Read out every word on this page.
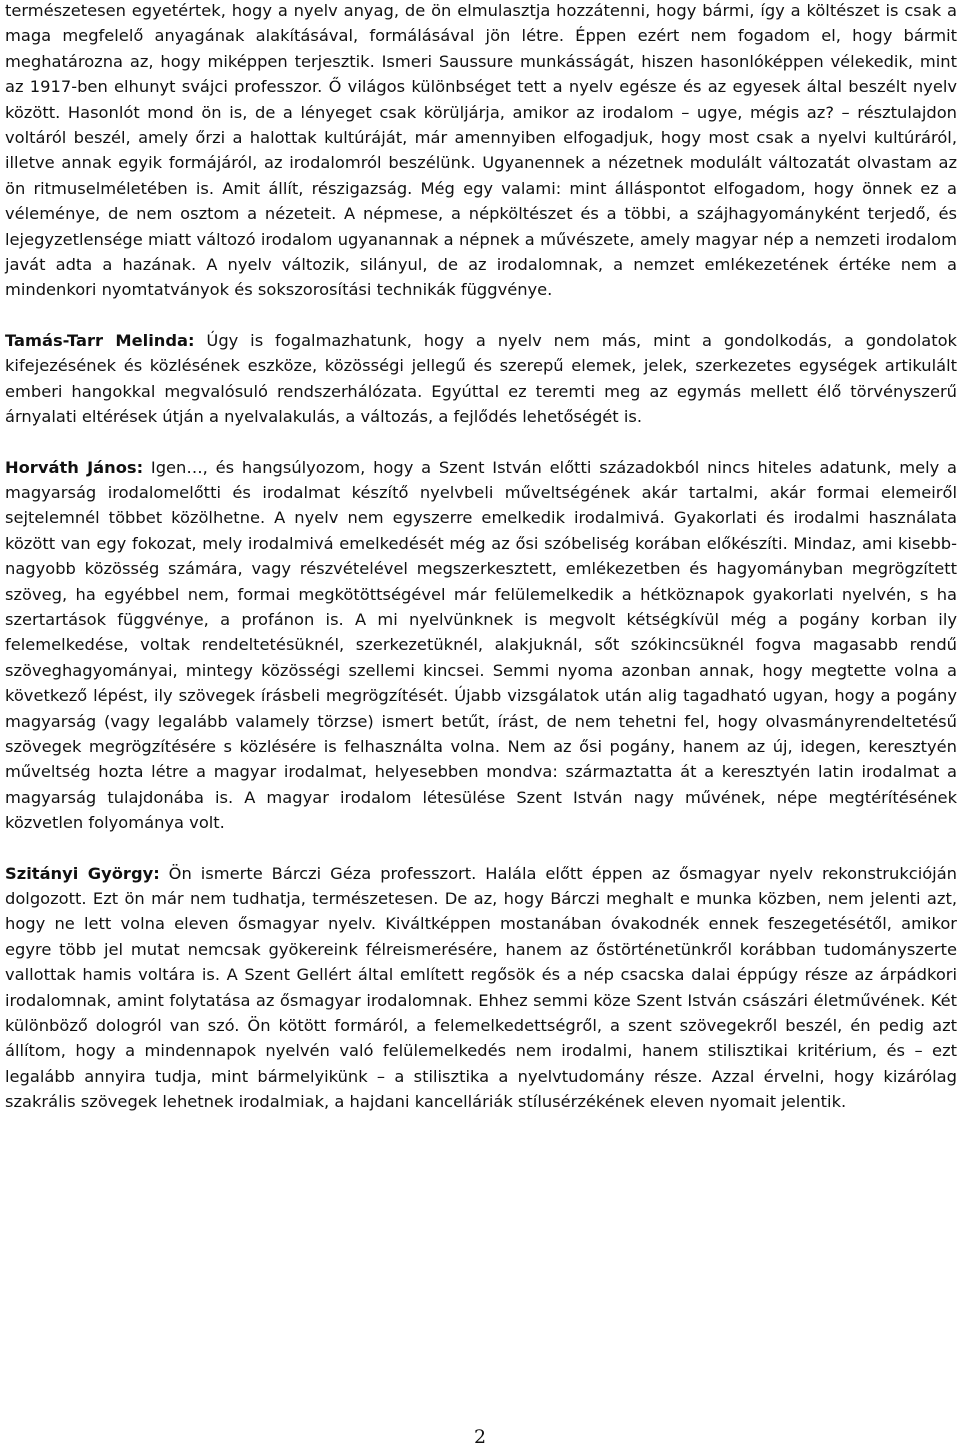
természetesen egyetértek, hogy a nyelv anyag, de ön elmulasztja hozzátenni, hogy bármi, így a költészet is csak a maga megfelelő anyagának alakításával, formálásával jön létre. Éppen ezért nem fogadom el, hogy bármit meghatározna az, hogy miképpen terjesztik. Ismeri Saussure munkásságát, hiszen hasonlóképpen vélekedik, mint az 1917-ben elhunyt svájci professzor. Ő világos különbséget tett a nyelv egésze és az egyesek által beszélt nyelv között. Hasonlót mond ön is, de a lényeget csak körüljárja, amikor az irodalom – ugye, mégis az? – résztulajdon voltáról beszél, amely őrzi a halottak kultúráját, már amennyiben elfogadjuk, hogy most csak a nyelvi kultúráról, illetve annak egyik formájáról, az irodalomról beszélünk. Ugyanennek a nézetnek modulált változatát olvastam az ön ritmuselméletében is. Amit állít, részigazság. Még egy valami: mint álláspontot elfogadom, hogy önnek ez a véleménye, de nem osztom a nézeteit. A népmese, a népköltészet és a többi, a szájhagyományként terjedő, és lejegyzetlensége miatt változó irodalom ugyanannak a népnek a művészete, amely magyar nép a nemzeti irodalom javát adta a hazának. A nyelv változik, silányul, de az irodalomnak, a nemzet emlékezetének értéke nem a mindenkori nyomtatványok és sokszorosítási technikák függvénye.

Tamás-Tarr Melinda: Úgy is fogalmazhatunk, hogy a nyelv nem más, mint a gondolkodás, a gondolatok kifejezésének és közlésének eszköze, közösségi jellegű és szerepű elemek, jelek, szerkezetes egységek artikulált emberi hangokkal megvalósuló rendszerhálózata. Egyúttal ez teremti meg az egymás mellett élő törvényszerű árnyalati eltérések útján a nyelvalakulás, a változás, a fejlődés lehetőségét is.

Horváth János: Igen…, és hangsúlyozom, hogy a Szent István előtti századokból nincs hiteles adatunk, mely a magyarság irodalomelőtti és irodalmat készítő nyelvbeli műveltségének akár tartalmi, akár formai elemeiről sejtelemnél többet közölhetne. A nyelv nem egyszerre emelkedik irodalmivá. Gyakorlati és irodalmi használata között van egy fokozat, mely irodalmivá emelkedését még az ősi szóbeliség korában előkészíti. Mindaz, ami kisebb-nagyobb közösség számára, vagy részvételével megszerkesztett, emlékezetben és hagyományban megrögzített szöveg, ha egyébbel nem, formai megkötöttségével már felülemelkedik a hétköznapok gyakorlati nyelvén, s ha szertartások függvénye, a profánon is. A mi nyelvünknek is megvolt kétségkívül még a pogány korban ily felemelkedése, voltak rendeltetésüknél, szerkezetüknél, alakjuknál, sőt szókincsüknél fogva magasabb rendű szöveghagyományai, mintegy közösségi szellemi kincsei. Semmi nyoma azonban annak, hogy megtette volna a következő lépést, ily szövegek írásbeli megrögzítését. Újabb vizsgálatok után alig tagadható ugyan, hogy a pogány magyarság (vagy legalább valamely törzse) ismert betűt, írást, de nem tehetni fel, hogy olvasmányrendeltetésű szövegek megrögzítésére s közlésére is felhasználta volna. Nem az ősi pogány, hanem az új, idegen, keresztyén műveltség hozta létre a magyar irodalmat, helyesebben mondva: származtatta át a keresztyén latin irodalmat a magyarság tulajdonába is. A magyar irodalom létesülése Szent István nagy művének, népe megtérítésének közvetlen folyománya volt.

Szitányi György: Ön ismerte Bárczi Géza professzort. Halála előtt éppen az ősmagyar nyelv rekonstrukcióján dolgozott. Ezt ön már nem tudhatja, természetesen. De az, hogy Bárczi meghalt e munka közben, nem jelenti azt, hogy ne lett volna eleven ősmagyar nyelv. Kiváltképpen mostanában óvakodnék ennek feszegetésétől, amikor egyre több jel mutat nemcsak gyökereink félreismerésére, hanem az őstörténetünkről korábban tudományszerte vallottak hamis voltára is. A Szent Gellért által említett regősök és a nép csacska dalai éppúgy része az árpádkori irodalomnak, amint folytatása az ősmagyar irodalomnak. Ehhez semmi köze Szent István császári életművének. Két különböző dologról van szó. Ön kötött formáról, a felemelkedettségről, a szent szövegekről beszél, én pedig azt állítom, hogy a mindennapok nyelvén való felülemelkedés nem irodalmi, hanem stilisztikai kritérium, és – ezt legalább annyira tudja, mint bármelyikünk – a stilisztika a nyelvtudomány része. Azzal érvelni, hogy kizárólag szakrális szövegek lehetnek irodalmiak, a hajdani kancelláriák stílusérzékének eleven nyomait jelentik.

2
